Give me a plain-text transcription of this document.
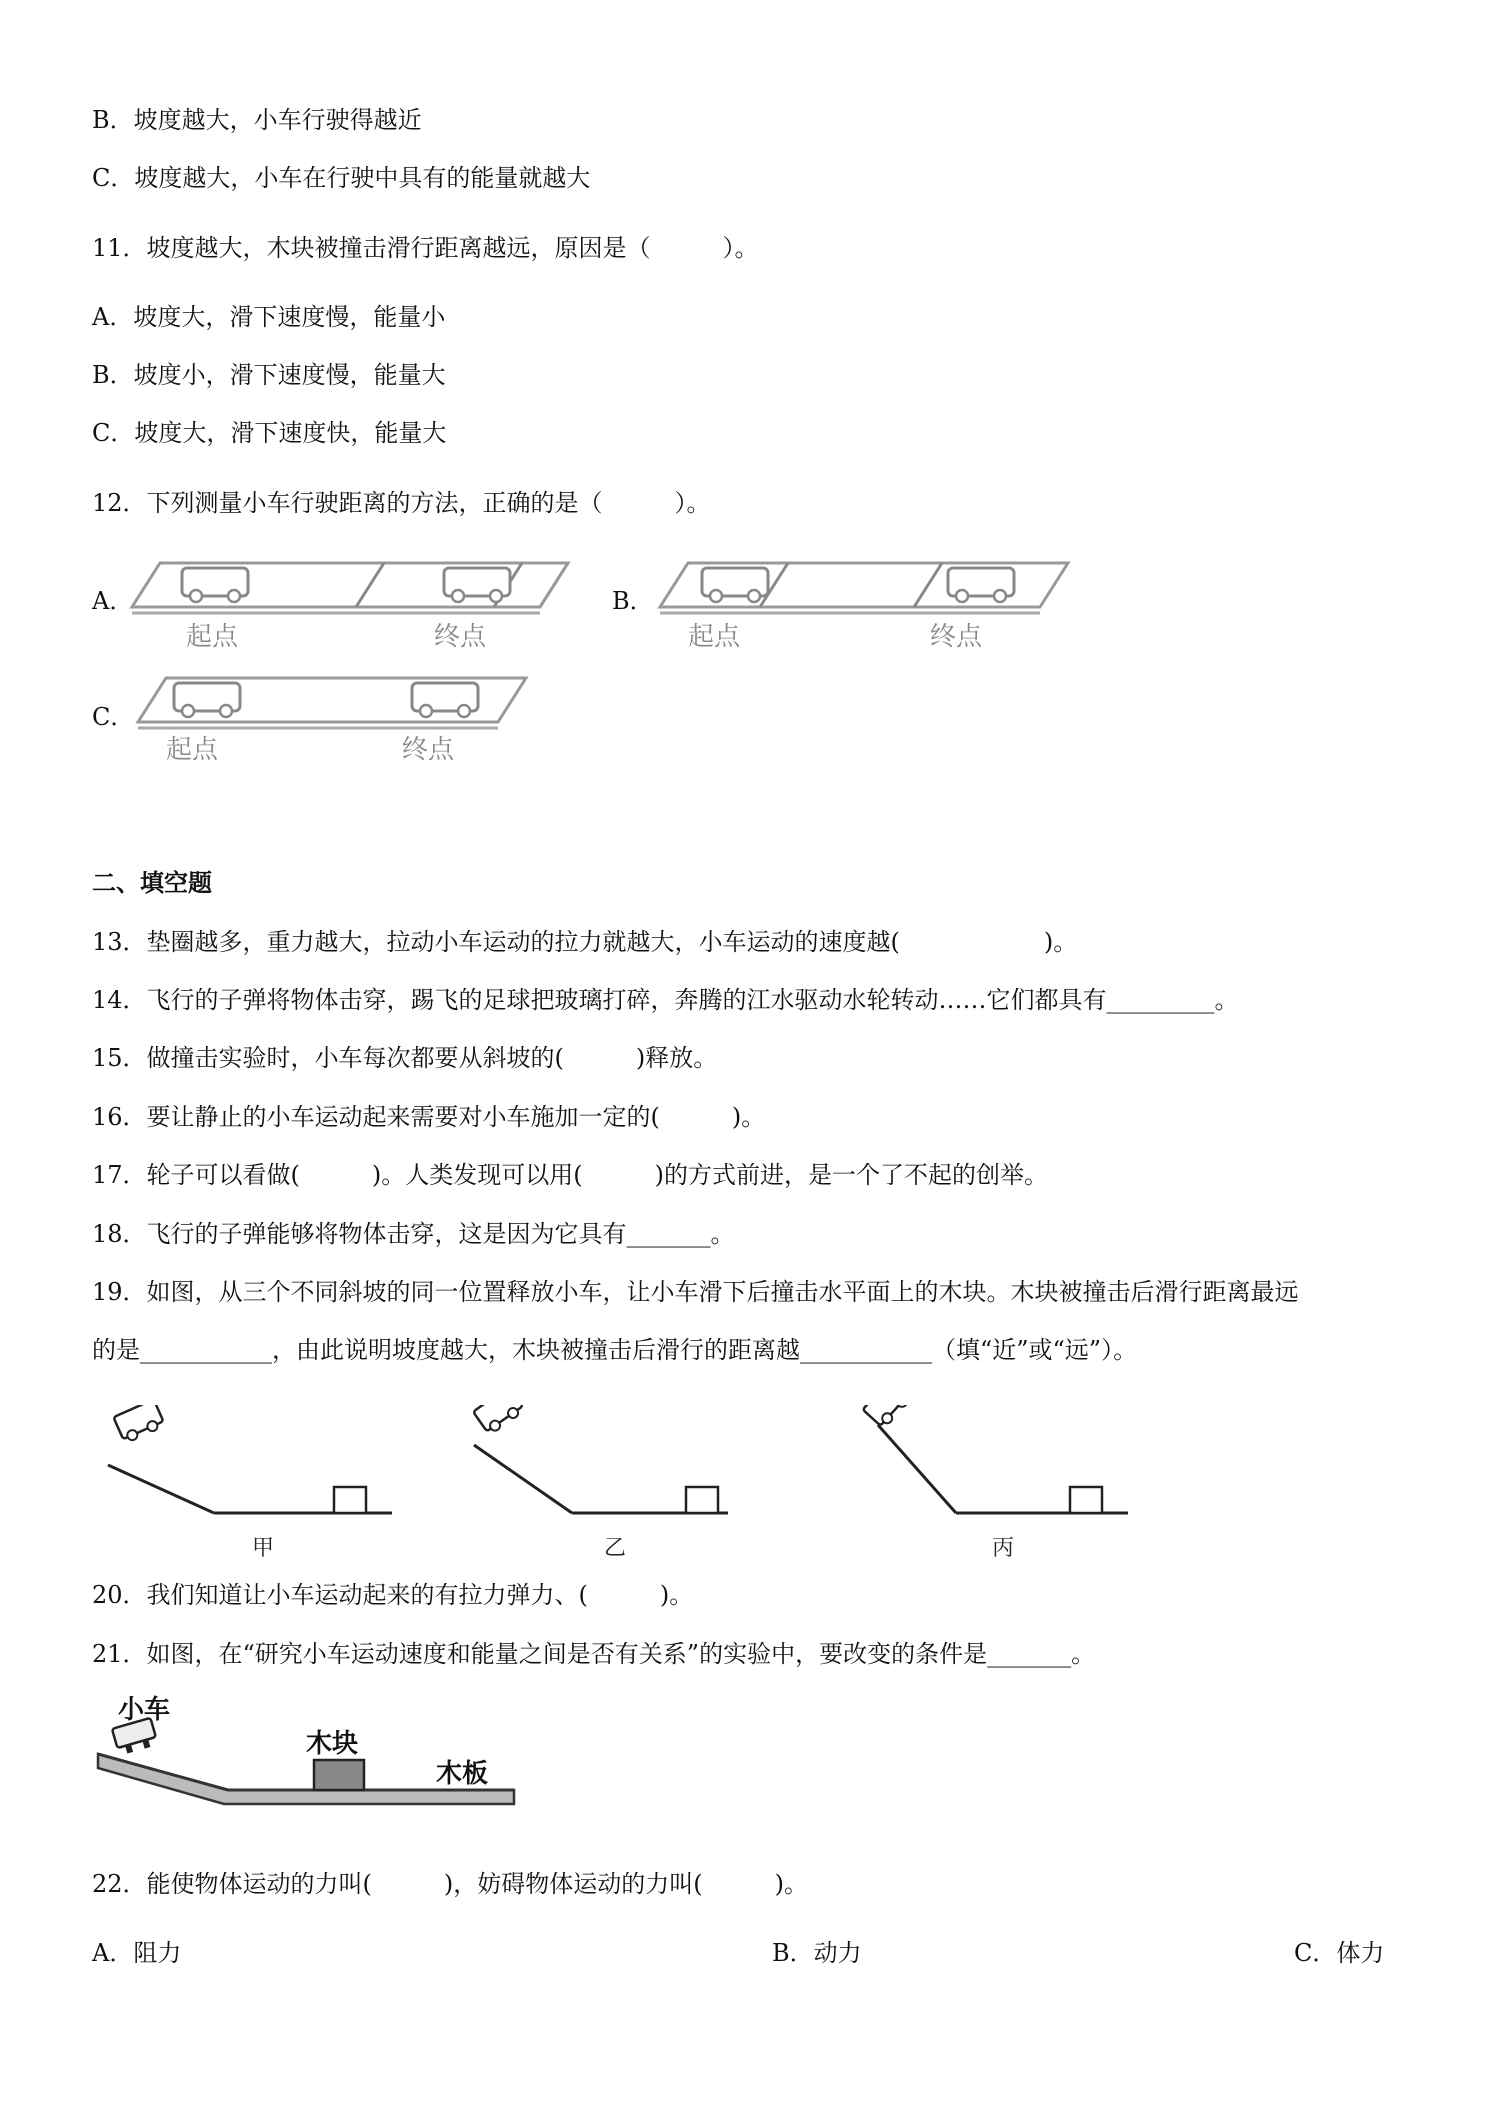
B．坡度越大，小车行驶得越近
C．坡度越大，小车在行驶中具有的能量就越大
11．坡度越大，木块被撞击滑行距离越远，原因是（　　　）。
A．坡度大，滑下速度慢，能量小
B．坡度小，滑下速度慢，能量大
C．坡度大，滑下速度快，能量大
12．下列测量小车行驶距离的方法，正确的是（　　　）。
A．
起点	终点
B．
起点	终点
C．
起点	终点
二、填空题
13．垫圈越多，重力越大，拉动小车运动的拉力就越大，小车运动的速度越(　　　　　　)。
14．飞行的子弹将物体击穿，踢飞的足球把玻璃打碎，奔腾的江水驱动水轮转动……它们都具有_________。
15．做撞击实验时，小车每次都要从斜坡的(　　　)释放。
16．要让静止的小车运动起来需要对小车施加一定的(　　　)。
17．轮子可以看做(　　　)。人类发现可以用(　　　)的方式前进，是一个了不起的创举。
18．飞行的子弹能够将物体击穿，这是因为它具有_______。
19．如图，从三个不同斜坡的同一位置释放小车，让小车滑下后撞击水平面上的木块。木块被撞击后滑行距离最远
的是___________，由此说明坡度越大，木块被撞击后滑行的距离越___________（填“近”或“远”）。
甲	乙	丙
20．我们知道让小车运动起来的有拉力弹力、(　　　)。
21．如图，在“研究小车运动速度和能量之间是否有关系”的实验中，要改变的条件是_______。
小车
木块
木板
22．能使物体运动的力叫(　　　)，妨碍物体运动的力叫(　　　)。
A．阻力	B．动力	C．体力
